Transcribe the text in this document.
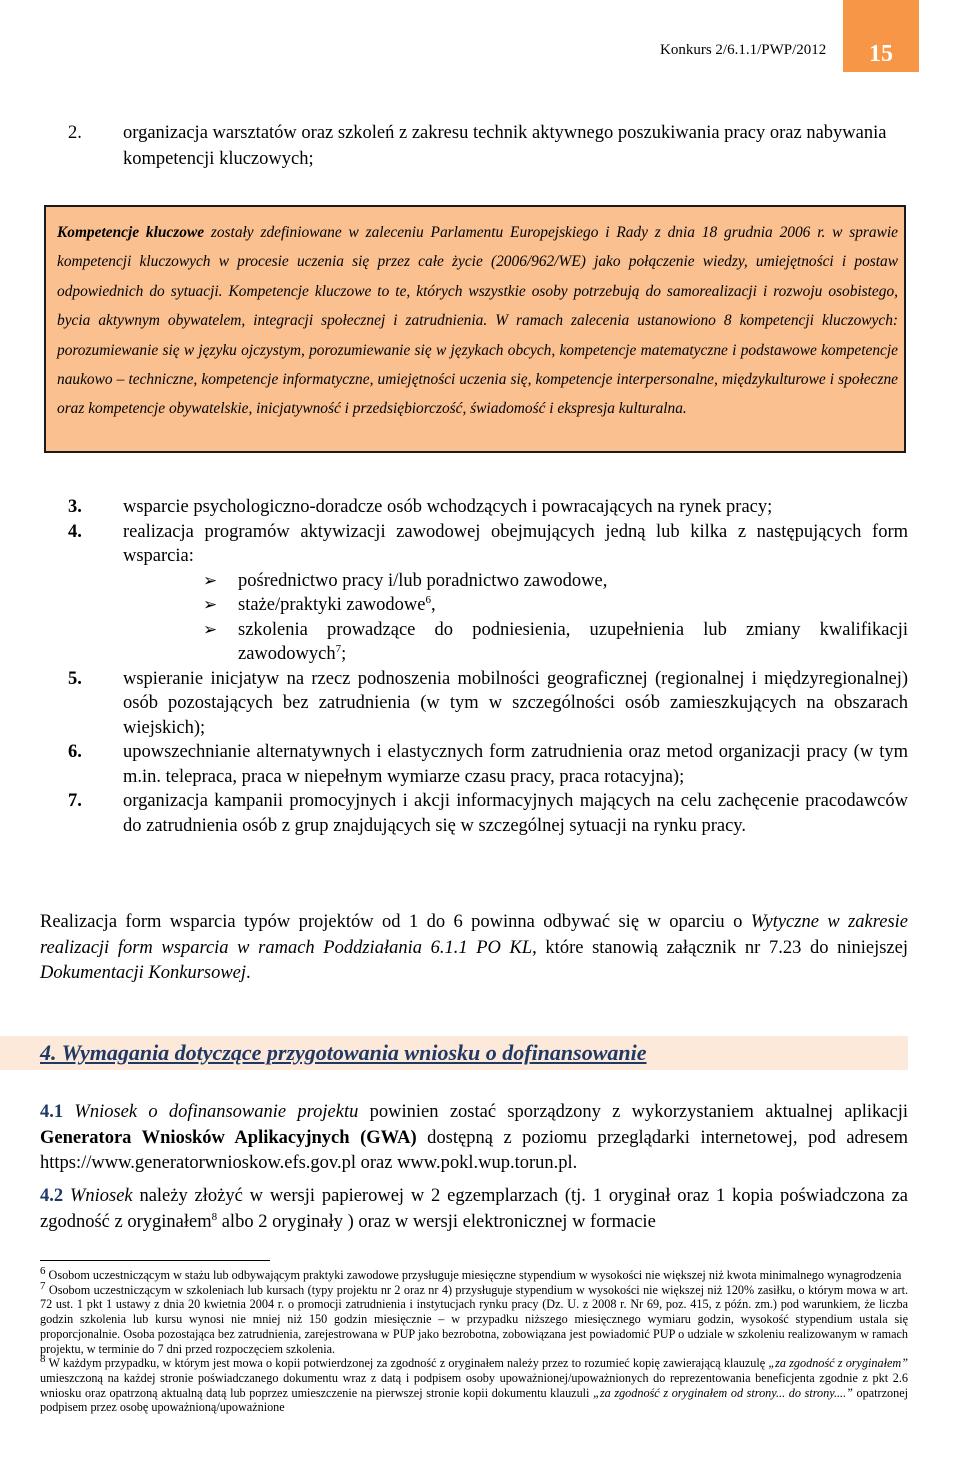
Konkurs 2/6.1.1/PWP/2012	15
2. organizacja warsztatów oraz szkoleń z zakresu technik aktywnego poszukiwania pracy oraz nabywania kompetencji kluczowych;
Kompetencje kluczowe zostały zdefiniowane w zaleceniu Parlamentu Europejskiego i Rady z dnia 18 grudnia 2006 r. w sprawie kompetencji kluczowych w procesie uczenia się przez całe życie (2006/962/WE) jako połączenie wiedzy, umiejętności i postaw odpowiednich do sytuacji. Kompetencje kluczowe to te, których wszystkie osoby potrzebują do samorealizacji i rozwoju osobistego, bycia aktywnym obywatelem, integracji społecznej i zatrudnienia. W ramach zalecenia ustanowiono 8 kompetencji kluczowych: porozumiewanie się w języku ojczystym, porozumiewanie się w językach obcych, kompetencje matematyczne i podstawowe kompetencje naukowo – techniczne, kompetencje informatyczne, umiejętności uczenia się, kompetencje interpersonalne, międzykulturowe i społeczne oraz kompetencje obywatelskie, inicjatywność i przedsiębiorczość, świadomość i ekspresja kulturalna.
3. wsparcie psychologiczno-doradcze osób wchodzących i powracających na rynek pracy;
4. realizacja programów aktywizacji zawodowej obejmujących jedną lub kilka z następujących form wsparcia:
➢ pośrednictwo pracy i/lub poradnictwo zawodowe,
➢ staże/praktyki zawodowe$^6$,
➢ szkolenia prowadzące do podniesienia, uzupełnienia lub zmiany kwalifikacji zawodowych$^7$;
5. wspieranie inicjatyw na rzecz podnoszenia mobilności geograficznej (regionalnej i międzyregionalnej) osób pozostających bez zatrudnienia (w tym w szczególności osób zamieszkujących na obszarach wiejskich);
6. upowszechnianie alternatywnych i elastycznych form zatrudnienia oraz metod organizacji pracy (w tym m.in. telepraca, praca w niepełnym wymiarze czasu pracy, praca rotacyjna);
7. organizacja kampanii promocyjnych i akcji informacyjnych mających na celu zachęcenie pracodawców do zatrudnienia osób z grup znajdujących się w szczególnej sytuacji na rynku pracy.
Realizacja form wsparcia typów projektów od 1 do 6 powinna odbywać się w oparciu o Wytyczne w zakresie realizacji form wsparcia w ramach Poddziałania 6.1.1 PO KL, które stanowią załącznik nr 7.23 do niniejszej Dokumentacji Konkursowej.
4. Wymagania dotyczące przygotowania wniosku o dofinansowanie
4.1 Wniosek o dofinansowanie projektu powinien zostać sporządzony z wykorzystaniem aktualnej aplikacji Generatora Wniosków Aplikacyjnych (GWA) dostępną z poziomu przeglądarki internetowej, pod adresem https://www.generatorwnioskow.efs.gov.pl oraz www.pokl.wup.torun.pl.
4.2 Wniosek należy złożyć w wersji papierowej w 2 egzemplarzach (tj. 1 oryginał oraz 1 kopia poświadczona za zgodność z oryginałem$^8$ albo 2 oryginały ) oraz w wersji elektronicznej w formacie

$^6$ Osobom uczestniczącym w stażu lub odbywającym praktyki zawodowe przysługuje miesięczne stypendium w wysokości nie większej niż kwota minimalnego wynagrodzenia

$^7$ Osobom uczestniczącym w szkoleniach lub kursach (typy projektu nr 2 oraz nr 4) przysługuje stypendium w wysokości nie większej niż 120% zasiłku, o którym mowa w art. 72 ust. 1 pkt 1 ustawy z dnia 20 kwietnia 2004 r. o promocji zatrudnienia i instytucjach rynku pracy (Dz. U. z 2008 r. Nr 69, poz. 415, z późn. zm.) pod warunkiem, że liczba godzin szkolenia lub kursu wynosi nie mniej niż 150 godzin miesięcznie – w przypadku niższego miesięcznego wymiaru godzin, wysokość stypendium ustala się proporcjonalnie. Osoba pozostająca bez zatrudnienia, zarejestrowana w PUP jako bezrobotna, zobowiązana jest powiadomić PUP o udziale w szkoleniu realizowanym w ramach projektu, w terminie do 7 dni przed rozpoczęciem szkolenia.

$^8$ W każdym przypadku, w którym jest mowa o kopii potwierdzonej za zgodność z oryginałem należy przez to rozumieć kopię zawierającą klauzulę „za zgodność z oryginałem” umieszczoną na każdej stronie poświadczanego dokumentu wraz z datą i podpisem osoby upoważnionej/upoważnionych do reprezentowania beneficjenta zgodnie z pkt 2.6 wniosku oraz opatrzoną aktualną datą lub poprzez umieszczenie na pierwszej stronie kopii dokumentu klauzuli „za zgodność z oryginałem od strony... do strony....” opatrzonej podpisem przez osobę upoważnioną/upoważnione
